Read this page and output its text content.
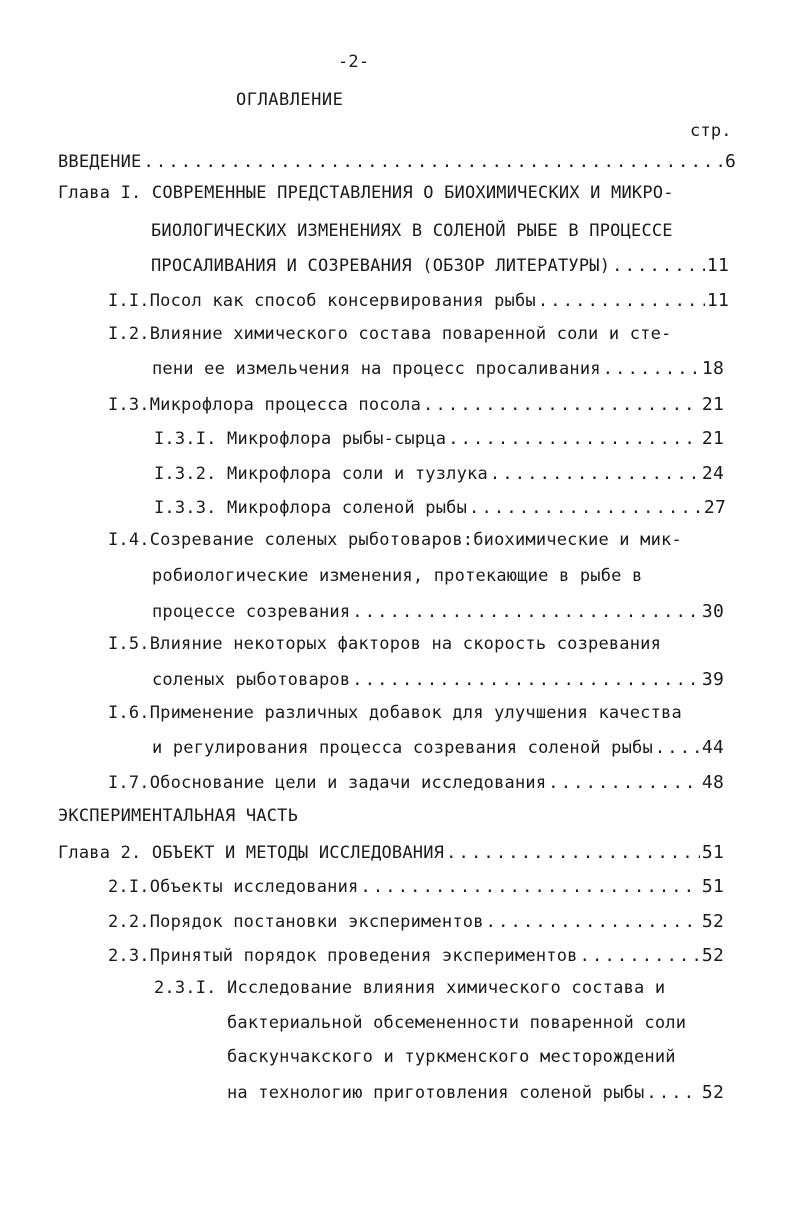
-2-
ОГЛАВЛЕНИЕ
стр.
ВВЕДЕНИЕ .....	6
Глава I. СОВРЕМЕННЫЕ ПРЕДСТАВЛЕНИЯ О БИОХИМИЧЕСКИХ И МИКРО-
БИОЛОГИЧЕСКИХ ИЗМЕНЕНИЯХ В СОЛЕНОЙ РЫБЕ В ПРОЦЕССЕ
ПРОСАЛИВАНИЯ И СОЗРЕВАНИЯ (ОБЗОР ЛИТЕРАТУРЫ) .....	11
I.I.Посол как способ консервирования рыбы .....	11
I.2.Влияние химического состава поваренной соли и сте-
пени ее измельчения на процесс просаливания .....	18
I.3.Микрофлора процесса посола .....	21
I.3.I. Микрофлора рыбы-сырца .....	21
I.3.2. Микрофлора соли и тузлука .....	24
I.3.3. Микрофлора соленой рыбы .....	27
I.4.Созревание соленых рыботоваров:биохимические и мик-
робиологические изменения, протекающие в рыбе в
процессе созревания .....	30
I.5.Влияние некоторых факторов на скорость созревания
соленых рыботоваров .....	39
I.6.Применение различных добавок для улучшения качества
и регулирования процесса созревания соленой рыбы .....	44
I.7.Обоснование цели и задачи исследования .....	48
ЭКСПЕРИМЕНТАЛЬНАЯ ЧАСТЬ
Глава 2. ОБЪЕКТ И МЕТОДЫ ИССЛЕДОВАНИЯ .....	51
2.I.Объекты исследования .....	51
2.2.Порядок постановки экспериментов .....	52
2.3.Принятый порядок проведения экспериментов .....	52
2.3.I. Исследование влияния химического состава и
бактериальной обсемененности поваренной соли
баскунчакского и туркменского месторождений
на технологию приготовления соленой рыбы .....	52
